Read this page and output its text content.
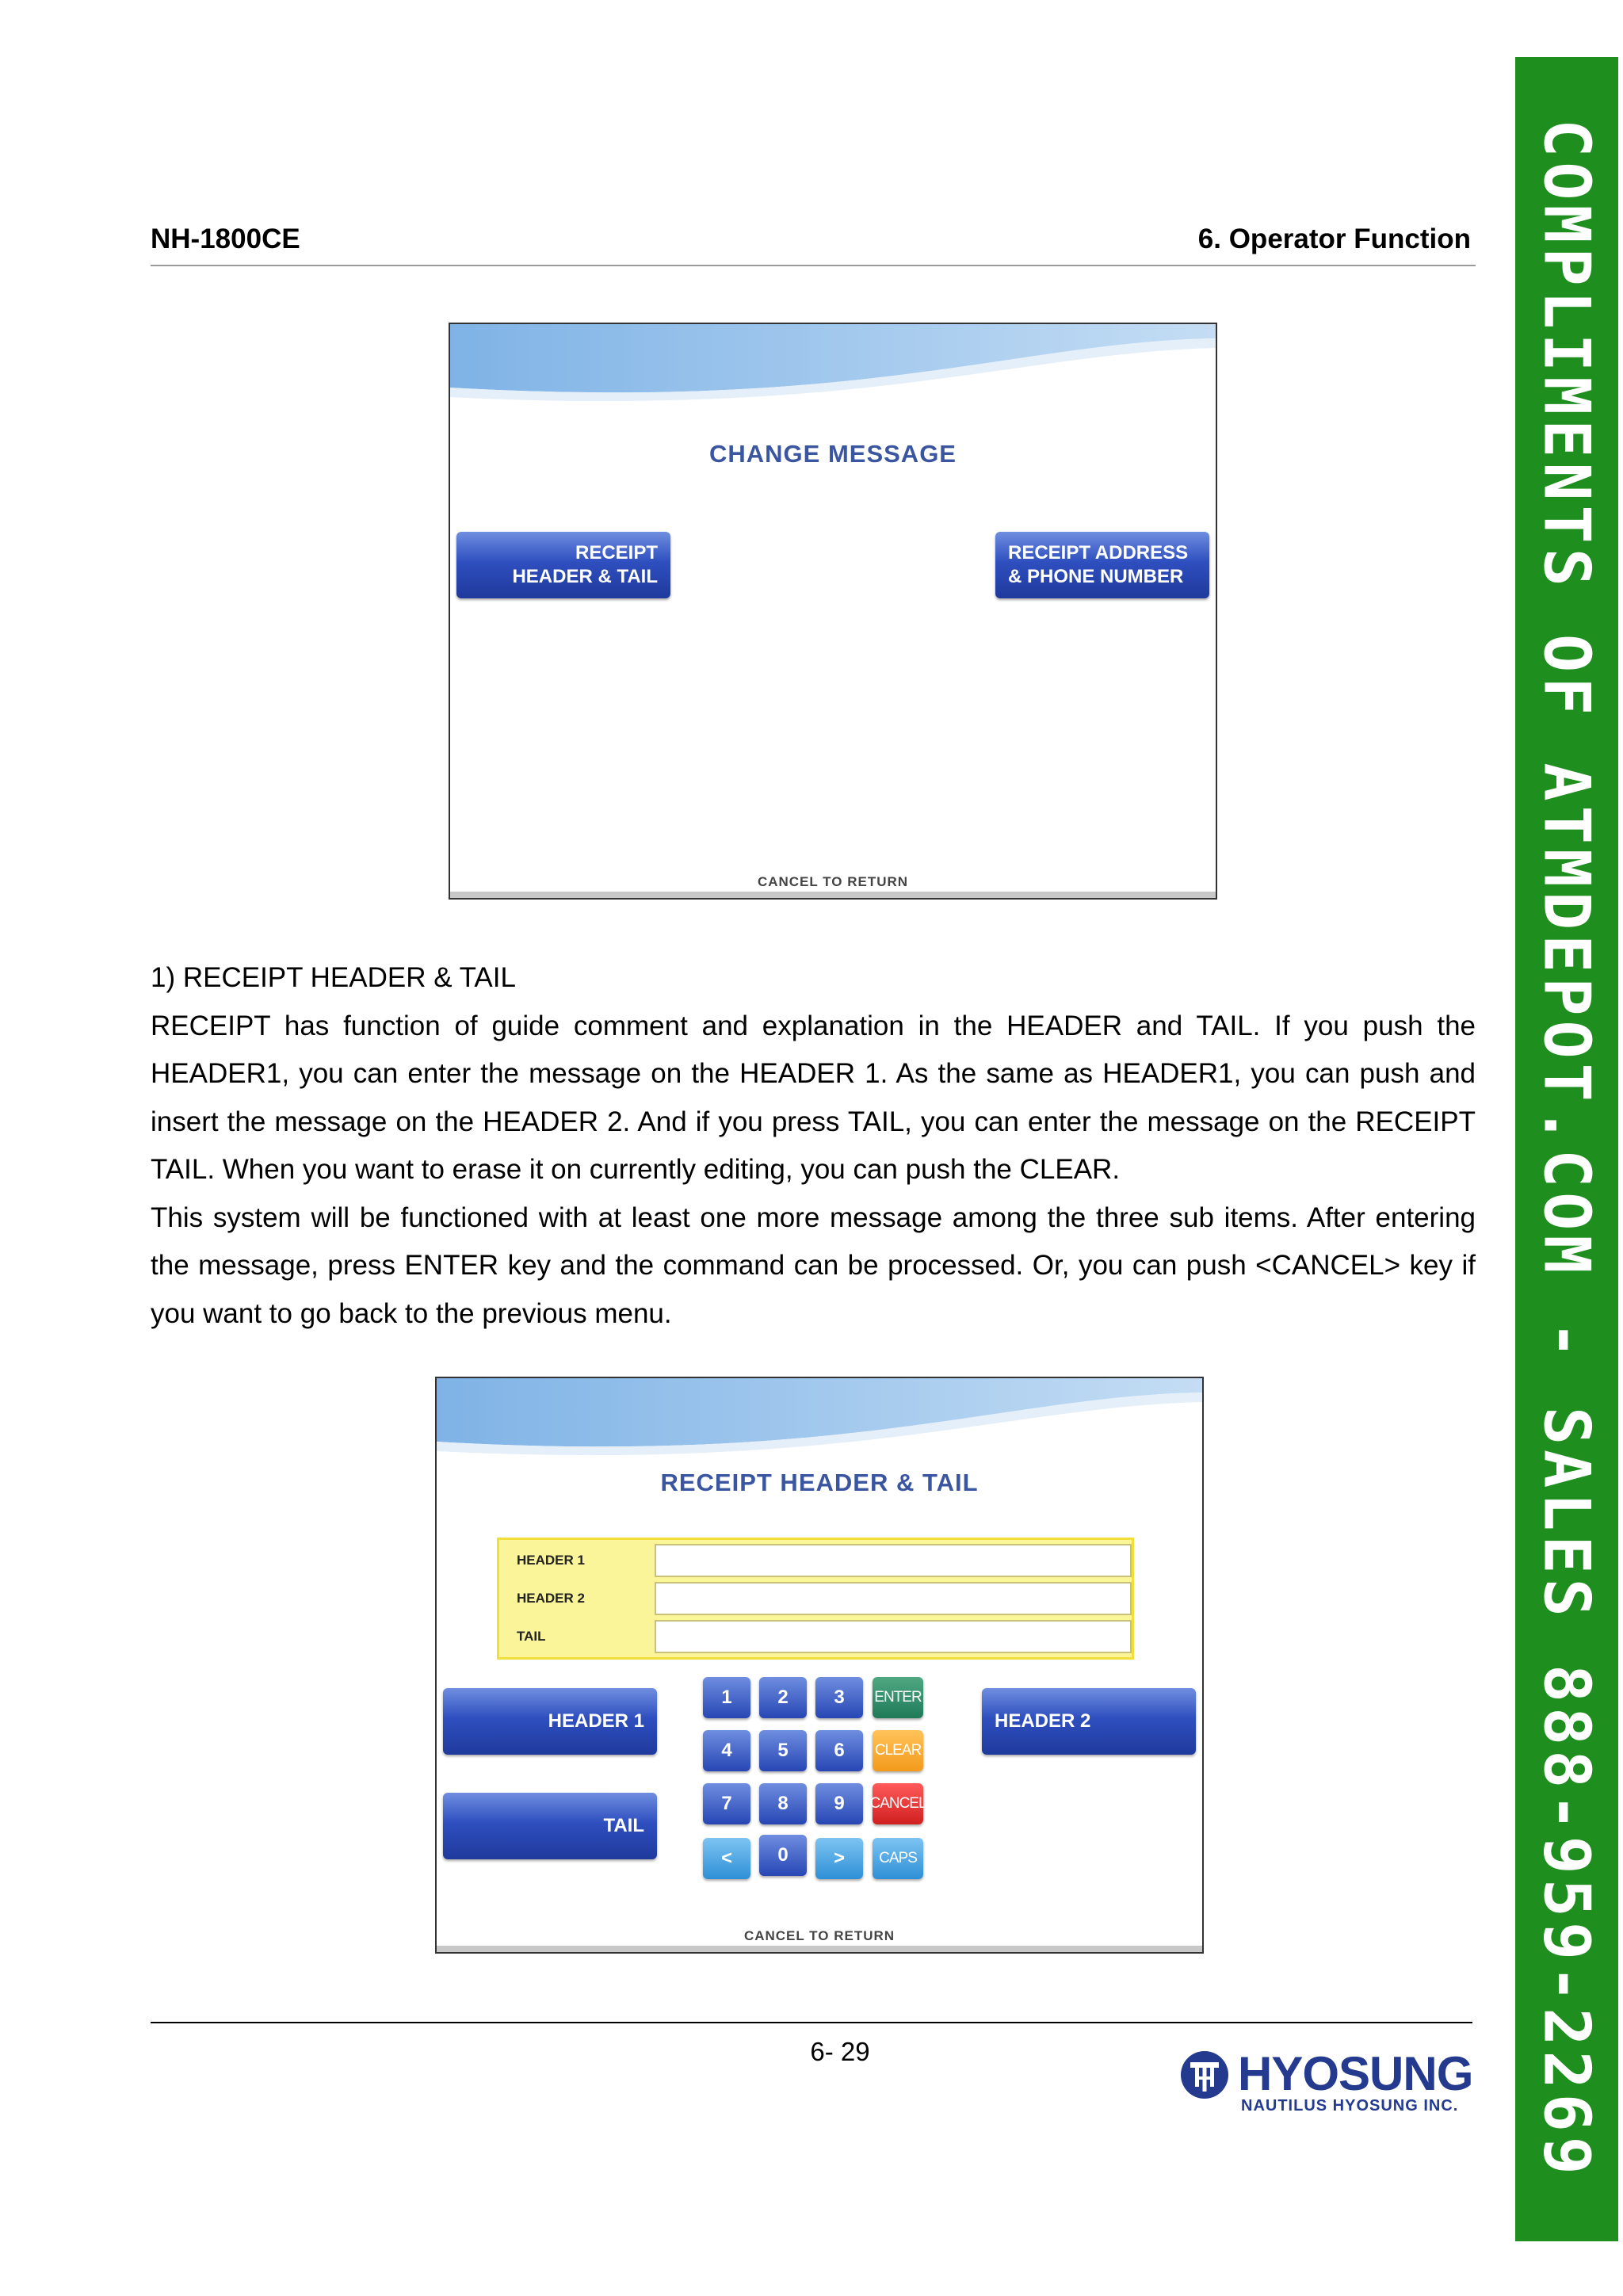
NH-1800CE	6. Operator Function COMPLIMENTS OF ATMDEPOT.COM - SALES 888-959-2269
CHANGE MESSAGE
RECEIPT
HEADER & TAIL
RECEIPT ADDRESS
& PHONE NUMBER
CANCEL TO RETURN

1) RECEIPT HEADER & TAIL

RECEIPT has function of guide comment and explanation in the HEADER and TAIL. If you push the HEADER1, you can enter the message on the HEADER 1. As the same as HEADER1, you can push and insert the message on the HEADER 2. And if you press TAIL, you can enter the message on the RECEIPT TAIL. When you want to erase it on currently editing, you can push the CLEAR.

This system will be functioned with at least one more message among the three sub items. After entering the message, press ENTER key and the command can be processed. Or, you can push <CANCEL> key if you want to go back to the previous menu.

RECEIPT HEADER & TAIL
HEADER 1
HEADER 2
TAIL
HEADER 1
TAIL
HEADER 2
1	2	3	ENTER
4	5	6	CLEAR
7	8	9	CANCEL
<	0	>	CAPS
CANCEL TO RETURN
6- 29	HYOSUNG
NAUTILUS HYOSUNG INC.
